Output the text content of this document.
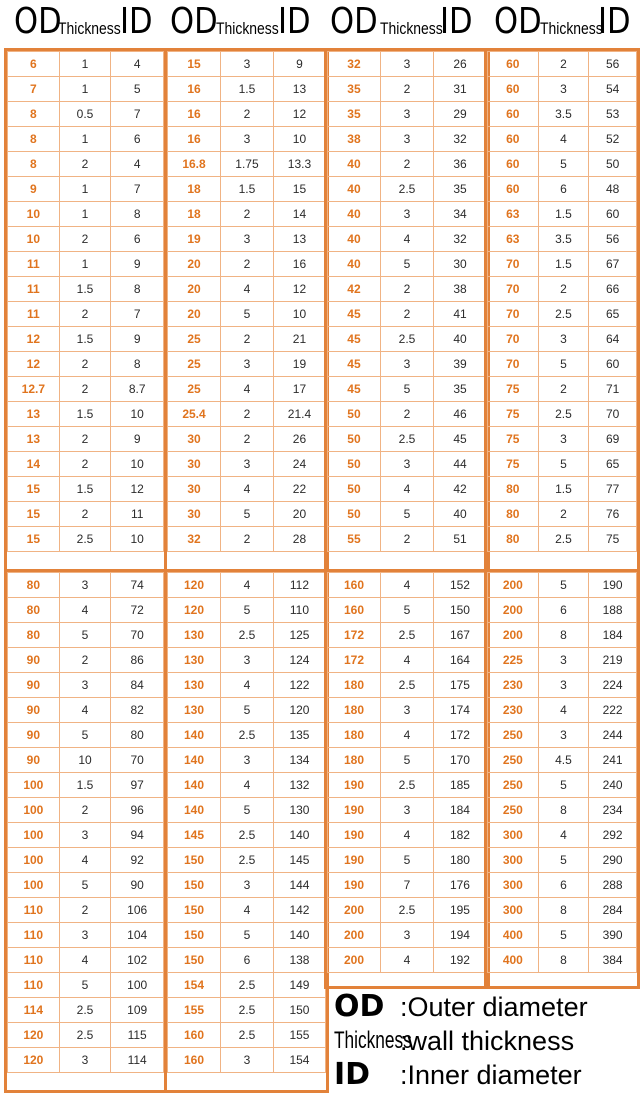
OD
Thickness ID OD
Thickness ID OD Thickness
ID OD
Thickness
ID
6	1	4
7	1	5
8	0.5	7
8	1	6
8	2	4
9	1	7
10	1	8
10	2	6
11	1	9
11	1.5	8
11	2	7
12	1.5	9
12	2	8
12.7	2	8.7
13	1.5	10
13	2	9
14	2	10
15	1.5	12
15	2	11
15	2.5	10
15	3	9
16	1.5	13
16	2	12
16	3	10
16.8	1.75	13.3
18	1.5	15
18	2	14
19	3	13
20	2	16
20	4	12
20	5	10
25	2	21
25	3	19
25	4	17
25.4	2	21.4
30	2	26
30	3	24
30	4	22
30	5	20
32	2	28
32	3	26
35	2	31
35	3	29
38	3	32
40	2	36
40	2.5	35
40	3	34
40	4	32
40	5	30
42	2	38
45	2	41
45	2.5	40
45	3	39
45	5	35
50	2	46
50	2.5	45
50	3	44
50	4	42
50	5	40
55	2	51
60	2	56
60	3	54
60	3.5	53
60	4	52
60	5	50
60	6	48
63	1.5	60
63	3.5	56
70	1.5	67
70	2	66
70	2.5	65
70	3	64
70	5	60
75	2	71
75	2.5	70
75	3	69
75	5	65
80	1.5	77
80	2	76
80	2.5	75
80	3	74
80	4	72
80	5	70
90	2	86
90	3	84
90	4	82
90	5	80
90	10	70
100	1.5	97
100	2	96
100	3	94
100	4	92
100	5	90
110	2	106
110	3	104
110	4	102
110	5	100
114	2.5	109
120	2.5	115
120	3	114
120	4	112
120	5	110
130	2.5	125
130	3	124
130	4	122
130	5	120
140	2.5	135
140	3	134
140	4	132
140	5	130
145	2.5	140
150	2.5	145
150	3	144
150	4	142
150	5	140
150	6	138
154	2.5	149
155	2.5	150
160	2.5	155
160	3	154
160	4	152
160	5	150
172	2.5	167
172	4	164
180	2.5	175
180	3	174
180	4	172
180	5	170
190	2.5	185
190	3	184
190	4	182
190	5	180
190	7	176
200	2.5	195
200	3	194
200	4	192
200	5	190
200	6	188
200	8	184
225	3	219
230	3	224
230	4	222
250	3	244
250	4.5	241
250	5	240
250	8	234
300	4	292
300	5	290
300	6	288
300	8	284
400	5	390
400	8	384
OD :Outer diameter
Thickness
:wall thickness
ID :Inner diameter
